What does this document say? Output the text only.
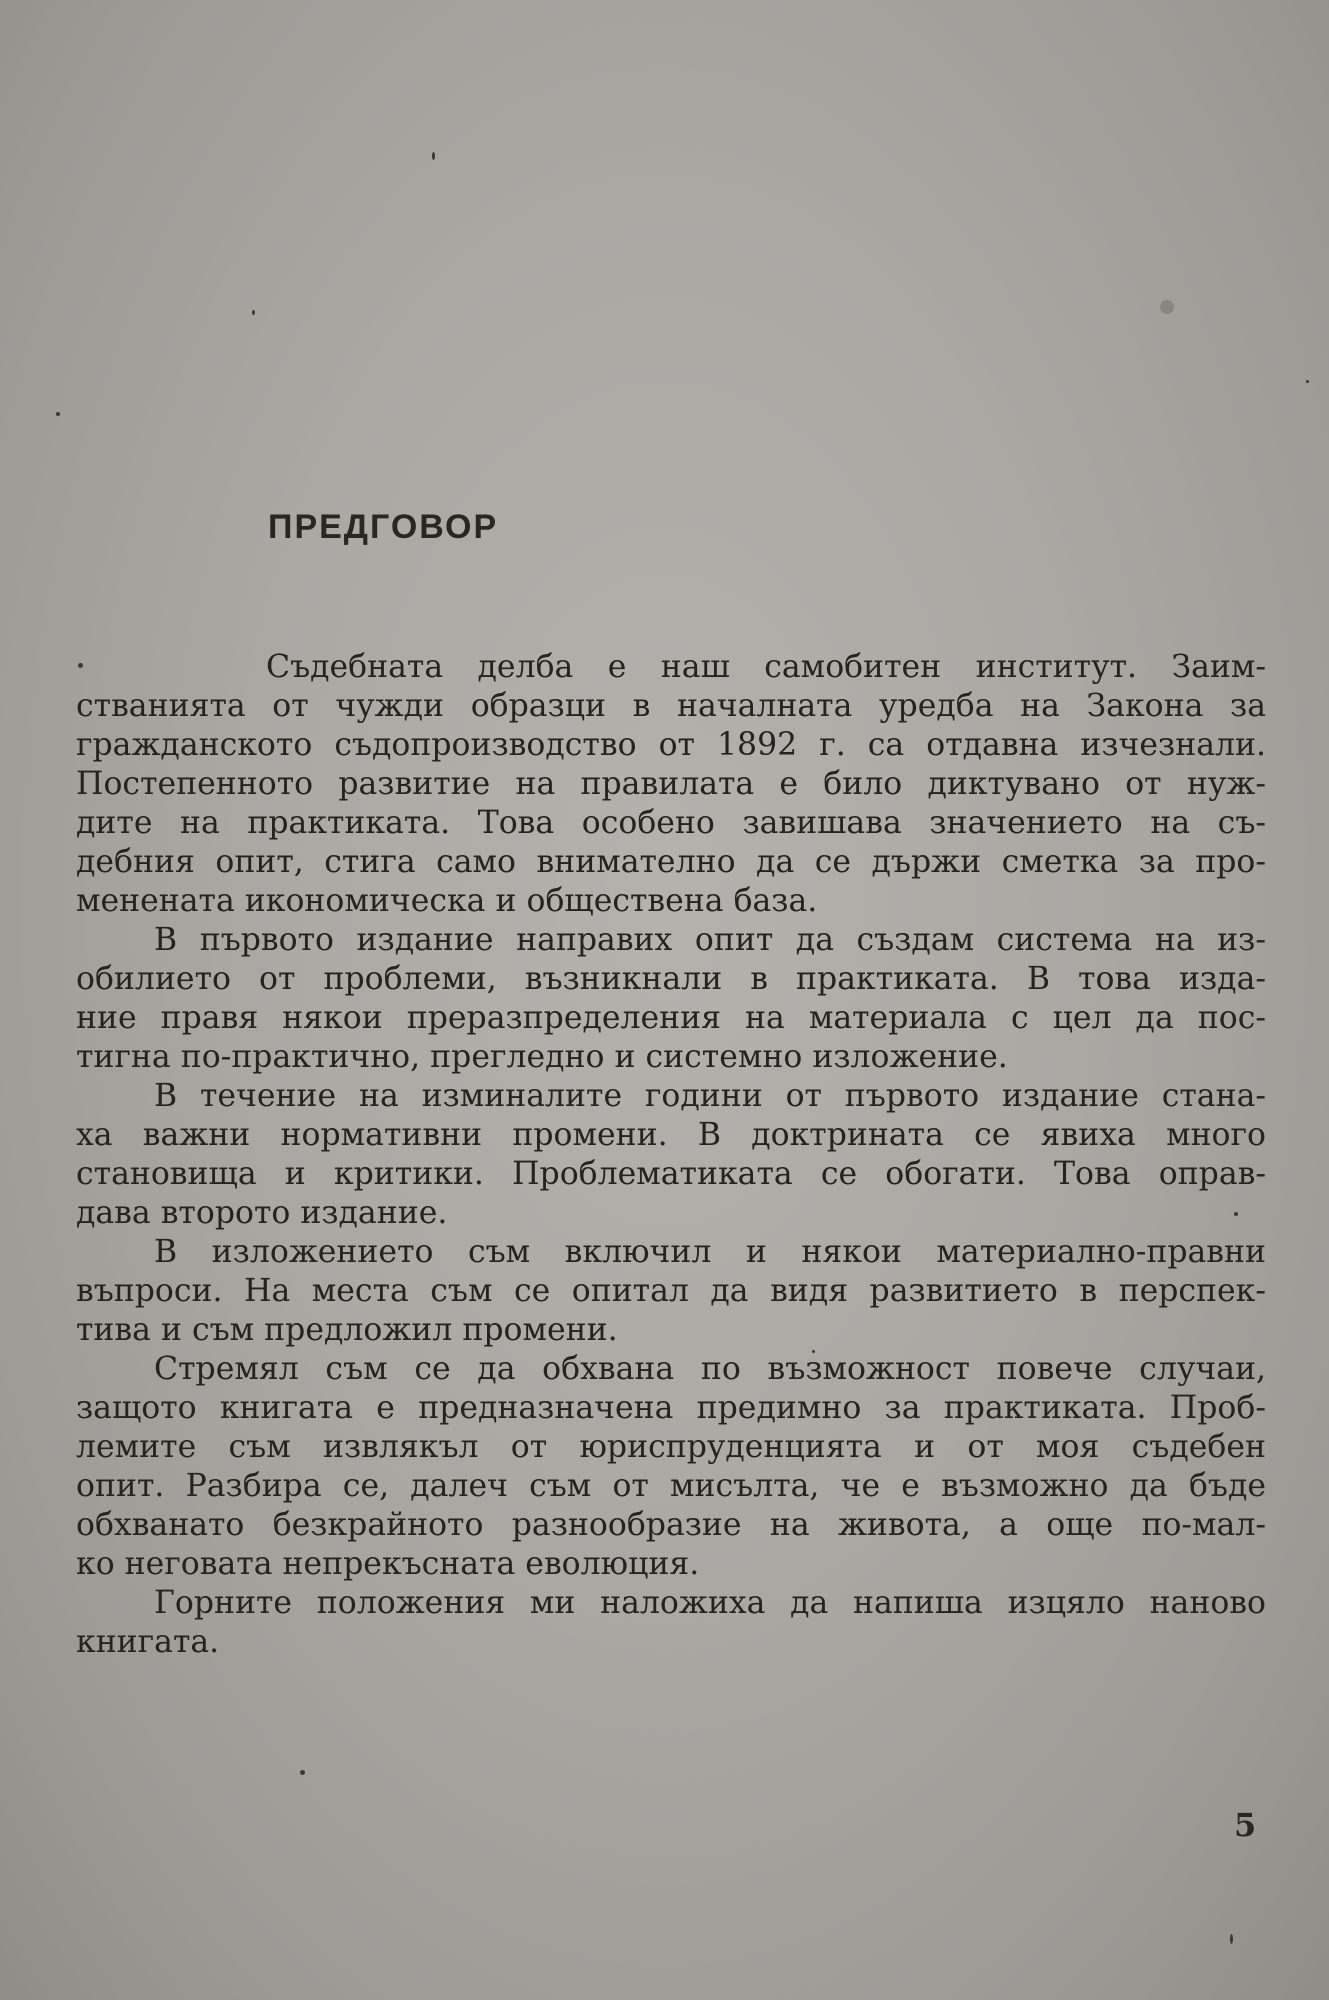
ПРЕДГОВОР

Съдебната делба е наш самобитен институт. Заим-
стванията от чужди образци в началната уредба на Закона за
гражданското съдопроизводство от 1892 г. са отдавна изчезнали.
Постепенното развитие на правилата е било диктувано от нуж-
дите на практиката. Това особено завишава значението на съ-
дебния опит, стига само внимателно да се държи сметка за про-
менената икономическа и обществена база.

В първото издание направих опит да създам система на из-
обилието от проблеми, възникнали в практиката. В това изда-
ние правя някои преразпределения на материала с цел да пос-
тигна по-практично, прегледно и системно изложение.

В течение на изминалите години от първото издание стана-
ха важни нормативни промени. В доктрината се явиха много
становища и критики. Проблематиката се обогати. Това оправ-
дава второто издание.

В изложението съм включил и някои материално-правни
въпроси. На места съм се опитал да видя развитието в перспек-
тива и съм предложил промени.

Стремял съм се да обхвана по възможност повече случаи,
защото книгата е предназначена предимно за практиката. Проб-
лемите съм извлякъл от юриспруденцията и от моя съдебен
опит. Разбира се, далеч съм от мисълта, че е възможно да бъде
обхванато безкрайното разнообразие на живота, а още по-мал-
ко неговата непрекъсната еволюция.

Горните положения ми наложиха да напиша изцяло наново
книгата.

5
